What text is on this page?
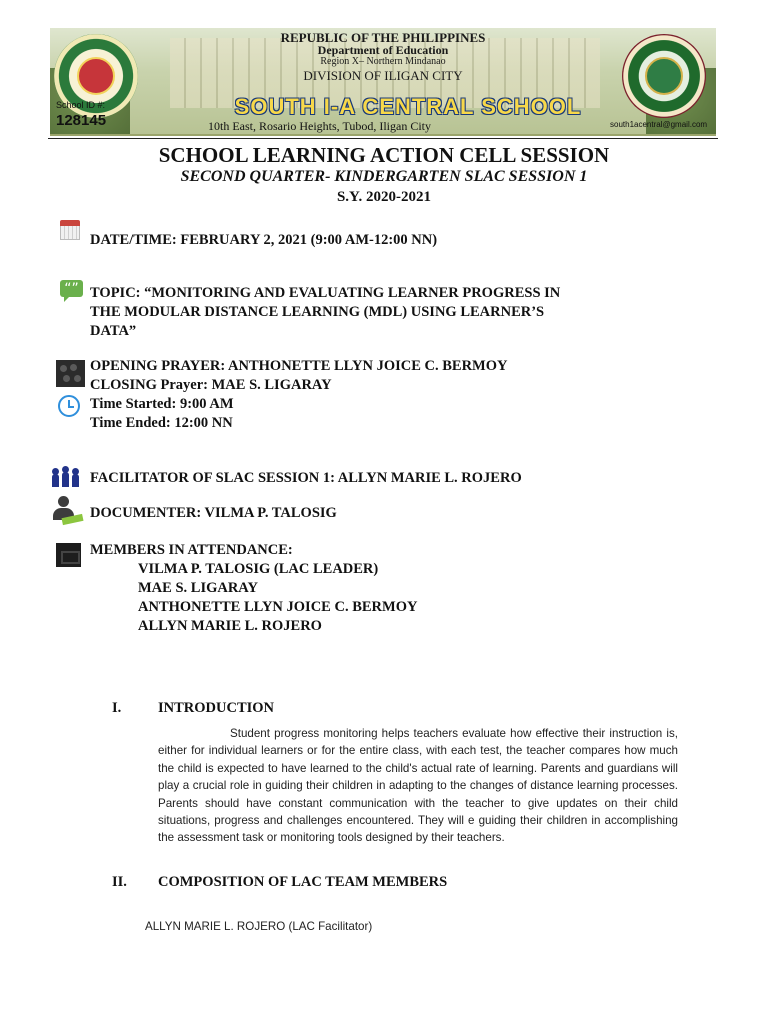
REPUBLIC OF THE PHILIPPINES
Department of Education
Region X– Northern Mindanao
DIVISION OF ILIGAN CITY
School ID #:
128145
SOUTH I-A CENTRAL SCHOOL
10th East, Rosario Heights, Tubod, Iligan City	south1acentral@gmail.com
SCHOOL LEARNING ACTION CELL SESSION
SECOND QUARTER- KINDERGARTEN SLAC SESSION 1
S.Y. 2020-2021
DATE/TIME: FEBRUARY 2, 2021 (9:00 AM-12:00 NN)
“” TOPIC: “MONITORING AND EVALUATING LEARNER PROGRESS IN
THE MODULAR DISTANCE LEARNING (MDL) USING LEARNER’S
DATA”
OPENING PRAYER: ANTHONETTE LLYN JOICE C. BERMOY
CLOSING Prayer: MAE S. LIGARAY
Time Started: 9:00 AM
Time Ended: 12:00 NN
FACILITATOR OF SLAC SESSION 1: ALLYN MARIE L. ROJERO
DOCUMENTER: VILMA P. TALOSIG
MEMBERS IN ATTENDANCE:
VILMA P. TALOSIG (LAC LEADER)
MAE S. LIGARAY
ANTHONETTE LLYN JOICE C. BERMOY
ALLYN MARIE L. ROJERO
I.	INTRODUCTION
Student progress monitoring helps teachers evaluate how effective their instruction is, either for individual learners or for the entire class, with each test, the teacher compares how much the child is expected to have learned to the child's actual rate of learning. Parents and guardians will play a crucial role in guiding their children in adapting to the changes of distance learning processes. Parents should have constant communication with the teacher to give updates on their child situations, progress and challenges encountered. They will e guiding their children in accomplishing the assessment task or monitoring tools designed by their teachers.
II. COMPOSITION OF LAC TEAM MEMBERS
ALLYN MARIE L. ROJERO (LAC Facilitator)
